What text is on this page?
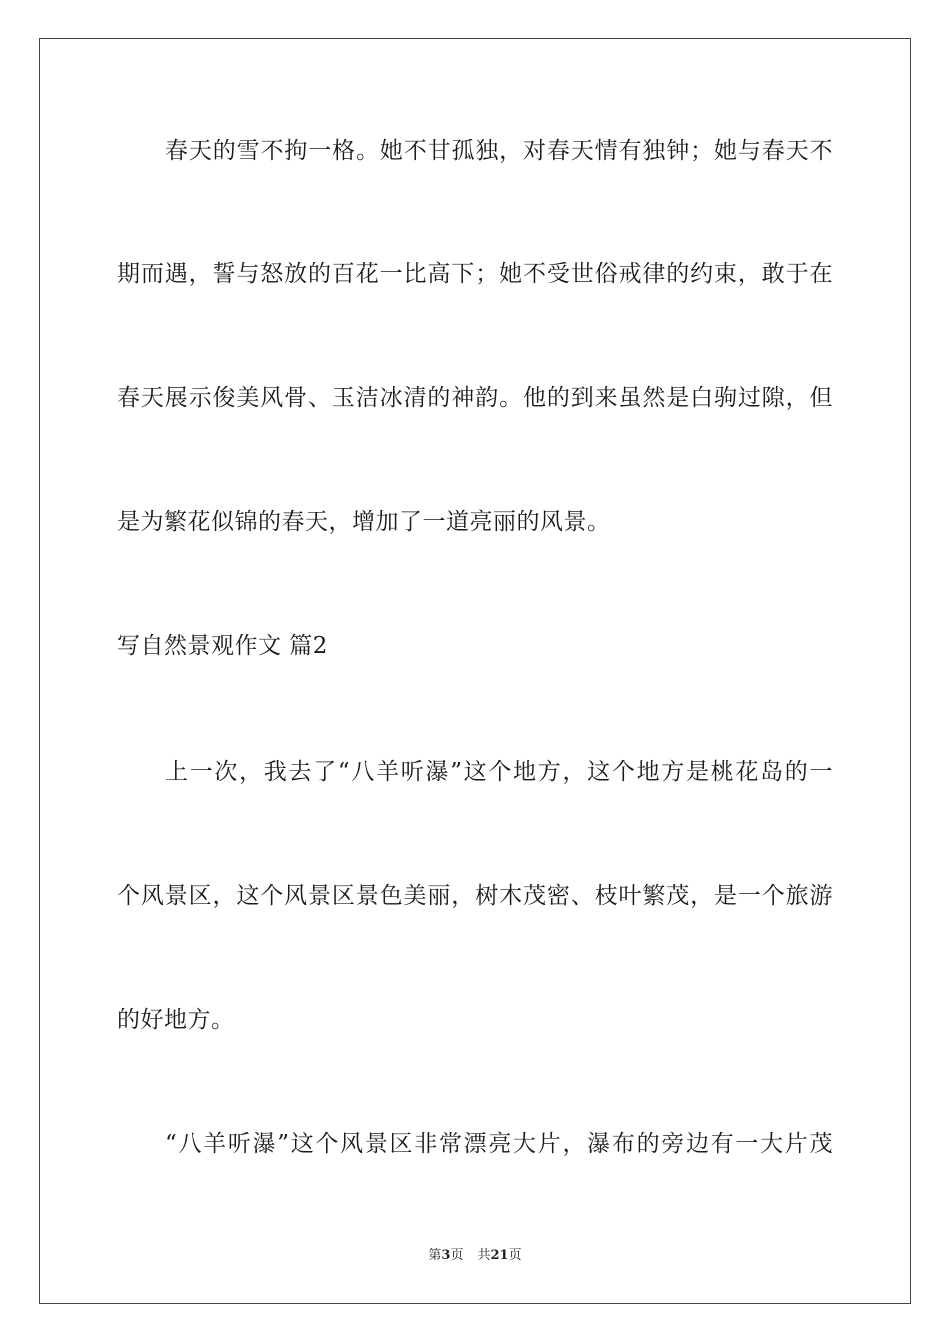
春天的雪不拘一格。她不甘孤独，对春天情有独钟；她与春天不
期而遇，誓与怒放的百花一比高下；她不受世俗戒律的约束，敢于在
春天展示俊美风骨、玉洁冰清的神韵。他的到来虽然是白驹过隙，但
是为繁花似锦的春天，增加了一道亮丽的风景。
写自然景观作文 篇2
上一次，我去了“八羊听瀑”这个地方，这个地方是桃花岛的一
个风景区，这个风景区景色美丽，树木茂密、枝叶繁茂，是一个旅游
的好地方。
“八羊听瀑”这个风景区非常漂亮大片，瀑布的旁边有一大片茂
第3页 共21页
